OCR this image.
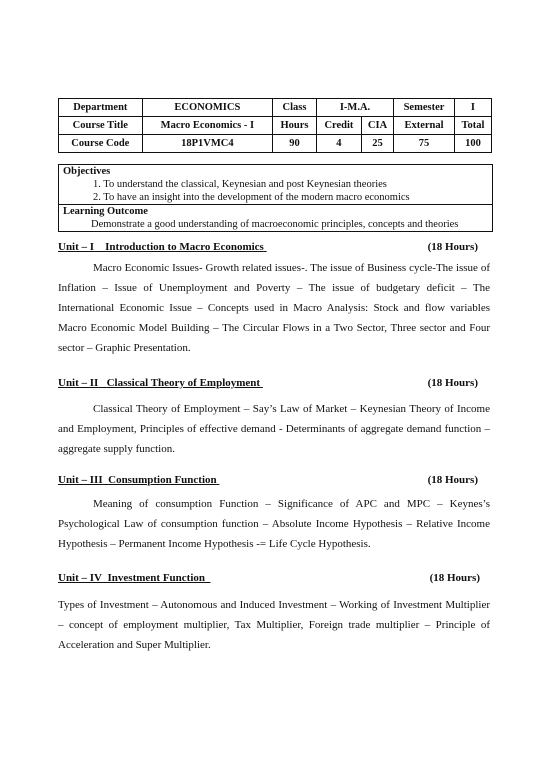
Department	ECONOMICS	Class	I-M.A.		Semester	I
Course Title	Macro Economics - I	Hours	Credit	CIA	External	Total
Course Code	18P1VMC4	90	4	25	75	100
Objectives
1. To understand the classical, Keynesian and post Keynesian theories
2. To have an insight into the development of the modern macro economics
Learning Outcome
Demonstrate a good understanding of macroeconomic principles, concepts and theories
Unit – I Introduction to Macro Economics	(18 Hours)

Macro Economic Issues- Growth related issues-. The issue of Business cycle-The issue of Inflation – Issue of Unemployment and Poverty – The issue of budgetary deficit – The International Economic Issue – Concepts used in Macro Analysis: Stock and flow variables Macro Economic Model Building – The Circular Flows in a Two Sector, Three sector and Four sector – Graphic Presentation.

Unit – II Classical Theory of Employment	(18 Hours)

Classical Theory of Employment – Say’s Law of Market – Keynesian Theory of Income and Employment, Principles of effective demand - Determinants of aggregate demand function – aggregate supply function.

Unit – III Consumption Function	(18 Hours)

Meaning of consumption Function – Significance of APC and MPC – Keynes’s Psychological Law of consumption function – Absolute Income Hypothesis – Relative Income Hypothesis – Permanent Income Hypothesis -= Life Cycle Hypothesis.

Unit – IV Investment Function	(18 Hours)

Types of Investment – Autonomous and Induced Investment – Working of Investment Multiplier – concept of employment multiplier, Tax Multiplier, Foreign trade multiplier – Principle of Acceleration and Super Multiplier.
